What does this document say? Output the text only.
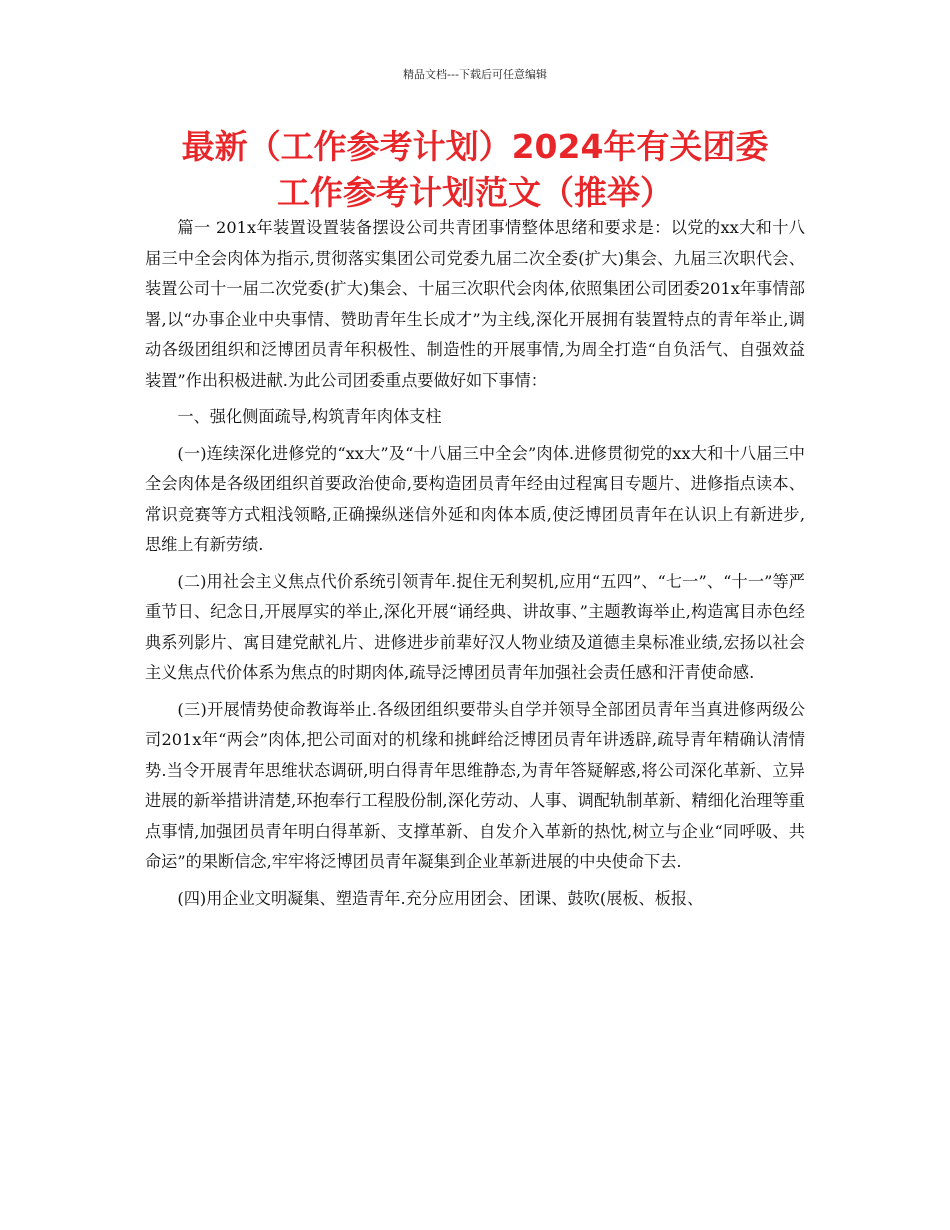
精品文档---下载后可任意编辑
最新（工作参考计划）2024年有关团委
工作参考计划范文（推举）

篇一 201x年装置设置装备摆设公司共青团事情整体思绪和要求是：以党的xx大和十八届三中全会肉体为指示,贯彻落实集团公司党委九届二次全委(扩大)集会、九届三次职代会、装置公司十一届二次党委(扩大)集会、十届三次职代会肉体,依照集团公司团委201x年事情部署,以“办事企业中央事情、赞助青年生长成才”为主线,深化开展拥有装置特点的青年举止,调动各级团组织和泛博团员青年积极性、制造性的开展事情,为周全打造“自负活气、自强效益装置”作出积极进献.为此公司团委重点要做好如下事情：

一、强化侧面疏导,构筑青年肉体支柱

(一)连续深化进修党的“xx大”及“十八届三中全会”肉体.进修贯彻党的xx大和十八届三中全会肉体是各级团组织首要政治使命,要构造团员青年经由过程寓目专题片、进修指点读本、常识竞赛等方式粗浅领略,正确操纵迷信外延和肉体本质,使泛博团员青年在认识上有新进步,思维上有新劳绩.

(二)用社会主义焦点代价系统引领青年.捉住无利契机,应用“五四”、“七一”、“十一”等严重节日、纪念日,开展厚实的举止,深化开展“诵经典、讲故事、”主题教诲举止,构造寓目赤色经典系列影片、寓目建党献礼片、进修进步前辈好汉人物业绩及道德圭臬标准业绩,宏扬以社会主义焦点代价体系为焦点的时期肉体,疏导泛博团员青年加强社会责任感和汗青使命感.

(三)开展情势使命教诲举止.各级团组织要带头自学并领导全部团员青年当真进修两级公司201x年“两会”肉体,把公司面对的机缘和挑衅给泛博团员青年讲透辟,疏导青年精确认清情势.当令开展青年思维状态调研,明白得青年思维静态,为青年答疑解惑,将公司深化革新、立异进展的新举措讲清楚,环抱奉行工程股份制,深化劳动、人事、调配轨制革新、精细化治理等重点事情,加强团员青年明白得革新、支撑革新、自发介入革新的热忱,树立与企业“同呼吸、共命运”的果断信念,牢牢将泛博团员青年凝集到企业革新进展的中央使命下去.

(四)用企业文明凝集、塑造青年.充分应用团会、团课、鼓吹(展板、板报、
